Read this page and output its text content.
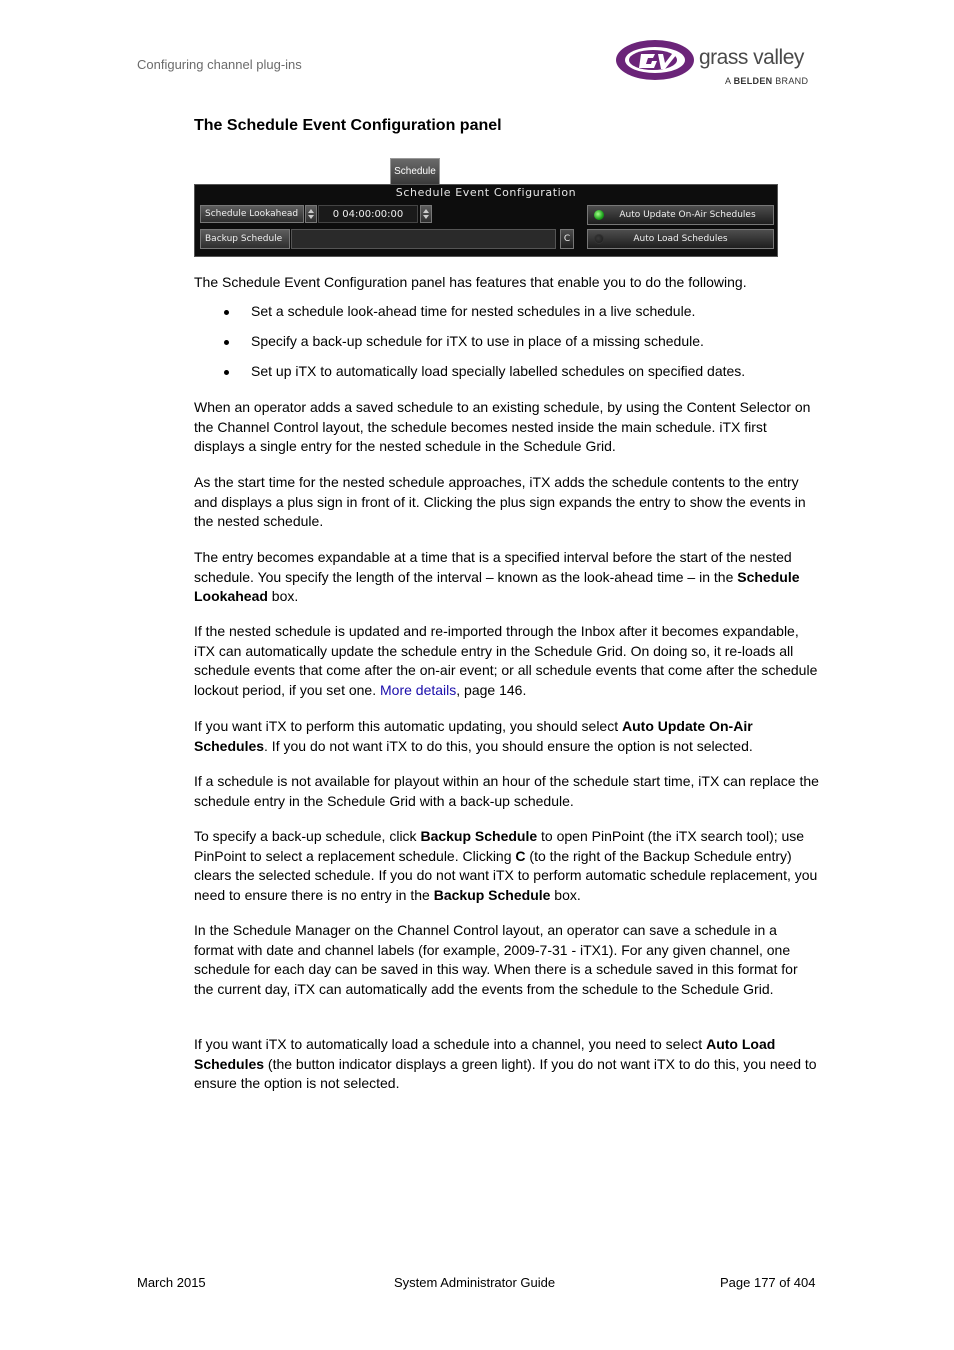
Configuring channel plug-ins	grass valley
A BELDEN BRAND
The Schedule Event Configuration panel
Schedule
Schedule Event Configuration
Schedule Lookahead	0 04:00:00:00
Backup Schedule	C
Auto Update On-Air Schedules
Auto Load Schedules
The Schedule Event Configuration panel has features that enable you to do the following.
Set a schedule look-ahead time for nested schedules in a live schedule.
Specify a back-up schedule for iTX to use in place of a missing schedule.
Set up iTX to automatically load specially labelled schedules on specified dates.
When an operator adds a saved schedule to an existing schedule, by using the Content Selector on the Channel Control layout, the schedule becomes nested inside the main schedule. iTX first displays a single entry for the nested schedule in the Schedule Grid.
As the start time for the nested schedule approaches, iTX adds the schedule contents to the entry and displays a plus sign in front of it. Clicking the plus sign expands the entry to show the events in the nested schedule.
The entry becomes expandable at a time that is a specified interval before the start of the nested schedule. You specify the length of the interval – known as the look-ahead time – in the Schedule Lookahead box.
If the nested schedule is updated and re-imported through the Inbox after it becomes expandable, iTX can automatically update the schedule entry in the Schedule Grid. On doing so, it re-loads all schedule events that come after the on-air event; or all schedule events that come after the schedule lockout period, if you set one. More details, page 146.
If you want iTX to perform this automatic updating, you should select Auto Update On-Air Schedules. If you do not want iTX to do this, you should ensure the option is not selected.
If a schedule is not available for playout within an hour of the schedule start time, iTX can replace the schedule entry in the Schedule Grid with a back-up schedule.
To specify a back-up schedule, click Backup Schedule to open PinPoint (the iTX search tool); use PinPoint to select a replacement schedule. Clicking C (to the right of the Backup Schedule entry) clears the selected schedule. If you do not want iTX to perform automatic schedule replacement, you need to ensure there is no entry in the Backup Schedule box.
In the Schedule Manager on the Channel Control layout, an operator can save a schedule in a format with date and channel labels (for example, 2009-7-31 - iTX1). For any given channel, one schedule for each day can be saved in this way. When there is a schedule saved in this format for the current day, iTX can automatically add the events from the schedule to the Schedule Grid.
If you want iTX to automatically load a schedule into a channel, you need to select Auto Load Schedules (the button indicator displays a green light). If you do not want iTX to do this, you need to ensure the option is not selected.
March 2015	System Administrator Guide	Page 177 of 404
